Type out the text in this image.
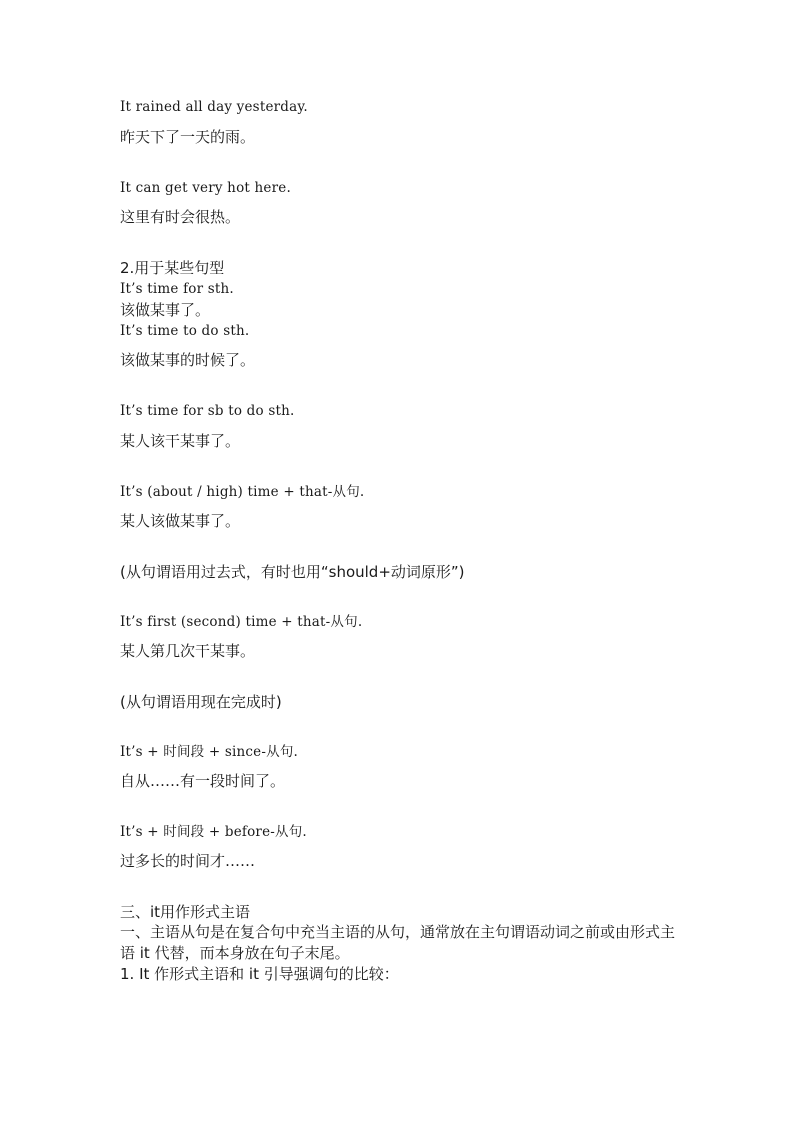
It rained all day yesterday.
昨天下了一天的雨。
It can get very hot here.
这里有时会很热。
2.用于某些句型
It’s time for sth.
该做某事了。
It’s time to do sth.
该做某事的时候了。
It’s time for sb to do sth.
某人该干某事了。
It’s (about / high) time + that-从句.
某人该做某事了。
(从句谓语用过去式，有时也用“should+动词原形”)
It’s first (second) time + that-从句.
某人第几次干某事。
(从句谓语用现在完成时)
It’s + 时间段 + since-从句.
自从……有一段时间了。
It’s + 时间段 + before-从句.
过多长的时间才……
三、it用作形式主语
一、主语从句是在复合句中充当主语的从句，通常放在主句谓语动词之前或由形式主语 it 代替，而本身放在句子末尾。
1. It 作形式主语和 it 引导强调句的比较：
